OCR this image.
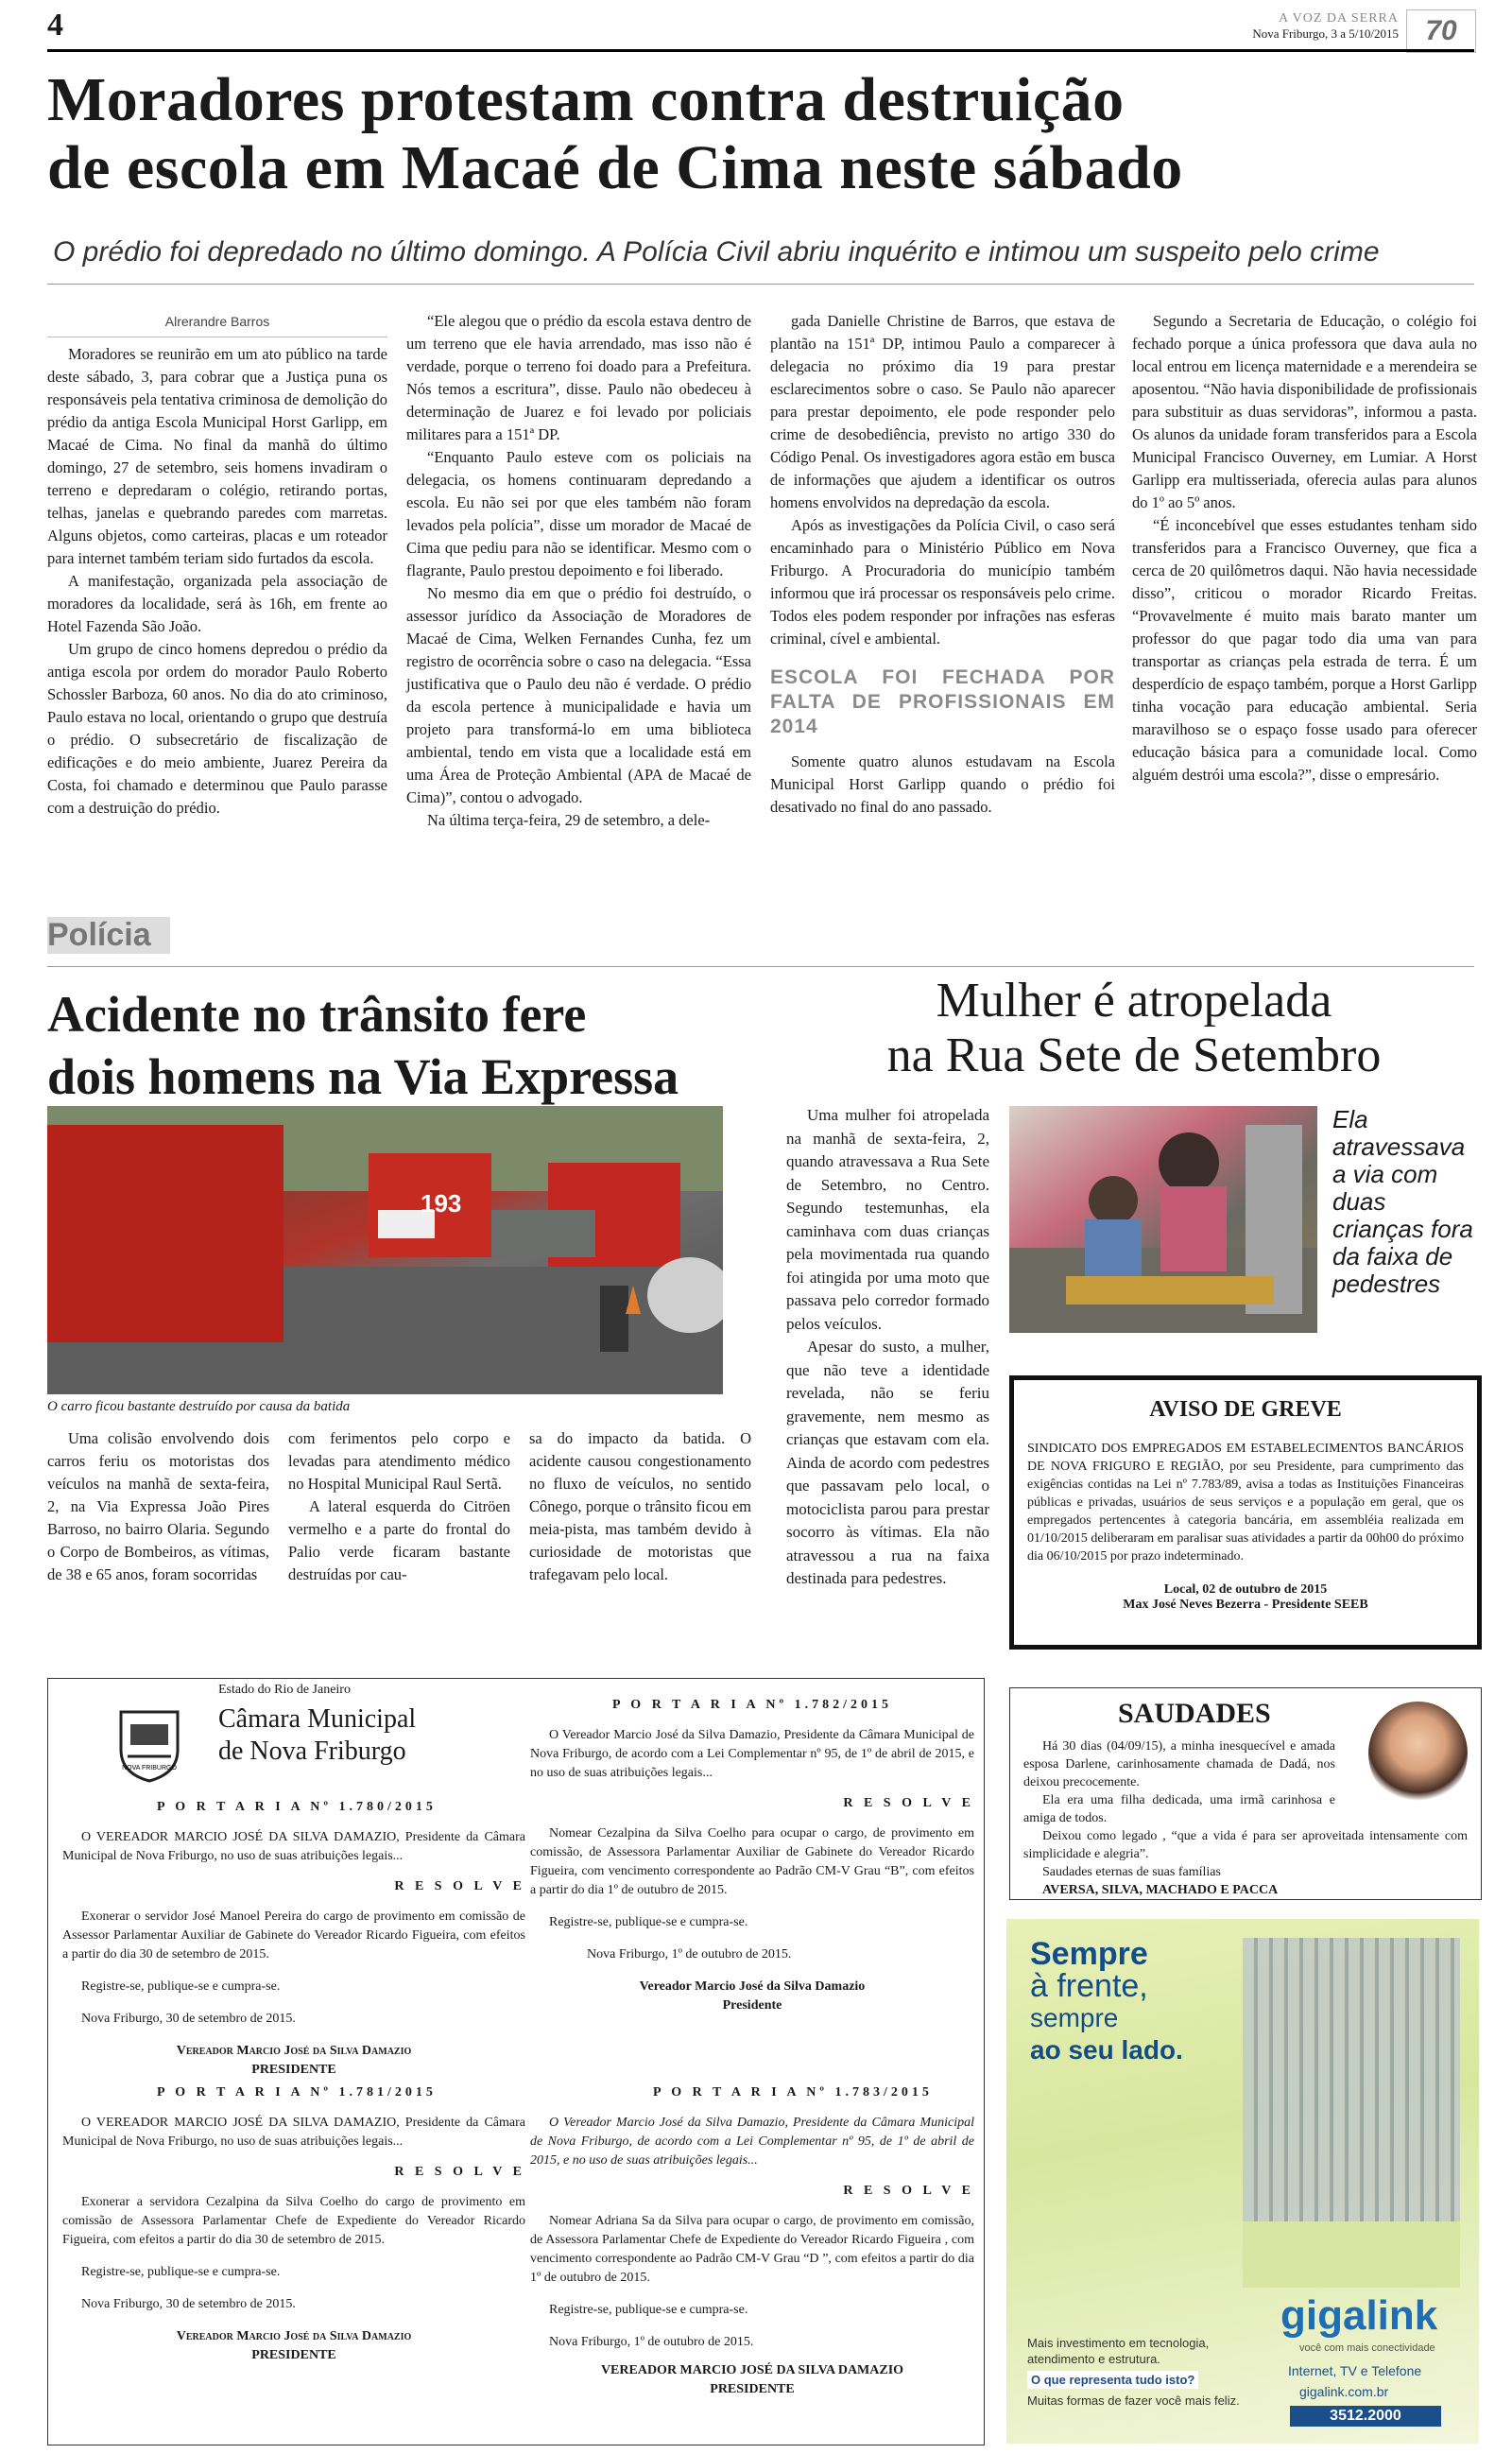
4	A VOZ DA SERRA
Nova Friburgo, 3 a 5/10/2015 70
Moradores protestam contra destruição
de escola em Macaé de Cima neste sábado
O prédio foi depredado no último domingo. A Polícia Civil abriu inquérito e intimou um suspeito pelo crime
Alrerandre Barros

Moradores se reunirão em um ato público na tarde deste sábado, 3, para cobrar que a Justiça puna os responsáveis pela tentativa criminosa de demolição do prédio da antiga Escola Municipal Horst Garlipp, em Macaé de Cima. No final da manhã do último domingo, 27 de setembro, seis homens invadiram o terreno e depredaram o colégio, retirando portas, telhas, janelas e quebrando paredes com marretas. Alguns objetos, como carteiras, placas e um roteador para internet também teriam sido furtados da escola.

A manifestação, organizada pela associação de moradores da localidade, será às 16h, em frente ao Hotel Fazenda São João.

Um grupo de cinco homens depredou o prédio da antiga escola por ordem do morador Paulo Roberto Schossler Barboza, 60 anos. No dia do ato criminoso, Paulo estava no local, orientando o grupo que destruía o prédio. O subsecretário de fiscalização de edificações e do meio ambiente, Juarez Pereira da Costa, foi chamado e determinou que Paulo parasse com a destruição do prédio.

“Ele alegou que o prédio da escola estava dentro de um terreno que ele havia arrendado, mas isso não é verdade, porque o terreno foi doado para a Prefeitura. Nós temos a escritura”, disse. Paulo não obedeceu à determinação de Juarez e foi levado por policiais militares para a 151ª DP.

“Enquanto Paulo esteve com os policiais na delegacia, os homens continuaram depredando a escola. Eu não sei por que eles também não foram levados pela polícia”, disse um morador de Macaé de Cima que pediu para não se identificar. Mesmo com o flagrante, Paulo prestou depoimento e foi liberado.

No mesmo dia em que o prédio foi destruído, o assessor jurídico da Associação de Moradores de Macaé de Cima, Welken Fernandes Cunha, fez um registro de ocorrência sobre o caso na delegacia. “Essa justificativa que o Paulo deu não é verdade. O prédio da escola pertence à municipalidade e havia um projeto para transformá-lo em uma biblioteca ambiental, tendo em vista que a localidade está em uma Área de Proteção Ambiental (APA de Macaé de Cima)”, contou o advogado.

Na última terça-feira, 29 de setembro, a dele-

gada Danielle Christine de Barros, que estava de plantão na 151ª DP, intimou Paulo a comparecer à delegacia no próximo dia 19 para prestar esclarecimentos sobre o caso. Se Paulo não aparecer para prestar depoimento, ele pode responder pelo crime de desobediência, previsto no artigo 330 do Código Penal. Os investigadores agora estão em busca de informações que ajudem a identificar os outros homens envolvidos na depredação da escola.

Após as investigações da Polícia Civil, o caso será encaminhado para o Ministério Público em Nova Friburgo. A Procuradoria do município também informou que irá processar os responsáveis pelo crime. Todos eles podem responder por infrações nas esferas criminal, cível e ambiental.

ESCOLA FOI FECHADA POR FALTA DE PROFISSIONAIS EM 2014

Somente quatro alunos estudavam na Escola Municipal Horst Garlipp quando o prédio foi desativado no final do ano passado.

Segundo a Secretaria de Educação, o colégio foi fechado porque a única professora que dava aula no local entrou em licença maternidade e a merendeira se aposentou. “Não havia disponibilidade de profissionais para substituir as duas servidoras”, informou a pasta. Os alunos da unidade foram transferidos para a Escola Municipal Francisco Ouverney, em Lumiar. A Horst Garlipp era multisseriada, oferecia aulas para alunos do 1º ao 5º anos.

“É inconcebível que esses estudantes tenham sido transferidos para a Francisco Ouverney, que fica a cerca de 20 quilômetros daqui. Não havia necessidade disso”, criticou o morador Ricardo Freitas. “Provavelmente é muito mais barato manter um professor do que pagar todo dia uma van para transportar as crianças pela estrada de terra. É um desperdício de espaço também, porque a Horst Garlipp tinha vocação para educação ambiental. Seria maravilhoso se o espaço fosse usado para oferecer educação básica para a comunidade local. Como alguém destrói uma escola?”, disse o empresário.

Polícia
Acidente no trânsito fere
dois homens na Via Expressa
193
O carro ficou bastante destruído por causa da batida

Uma colisão envolvendo dois carros feriu os motoristas dos veículos na manhã de sexta-feira, 2, na Via Expressa João Pires Barroso, no bairro Olaria. Segundo o Corpo de Bombeiros, as vítimas, de 38 e 65 anos, foram socorridas

com ferimentos pelo corpo e levadas para atendimento médico no Hospital Municipal Raul Sertã.

A lateral esquerda do Citröen vermelho e a parte do frontal do Palio verde ficaram bastante destruídas por cau-

sa do impacto da batida. O acidente causou congestionamento no fluxo de veículos, no sentido Cônego, porque o trânsito ficou em meia-pista, mas também devido à curiosidade de motoristas que trafegavam pelo local.

Mulher é atropelada
na Rua Sete de Setembro

Uma mulher foi atropelada na manhã de sexta-feira, 2, quando atravessava a Rua Sete de Setembro, no Centro. Segundo testemunhas, ela caminhava com duas crianças pela movimentada rua quando foi atingida por uma moto que passava pelo corredor formado pelos veículos.

Apesar do susto, a mulher, que não teve a identidade revelada, não se feriu gravemente, nem mesmo as crianças que estavam com ela. Ainda de acordo com pedestres que passavam pelo local, o motociclista parou para prestar socorro às vítimas. Ela não atravessou a rua na faixa destinada para pedestres.

Ela atravessava a via com duas crianças fora da faixa de pedestres
AVISO DE GREVE
SINDICATO DOS EMPREGADOS EM ESTABELECIMENTOS BANCÁRIOS DE NOVA FRIGURO E REGIÃO, por seu Presidente, para cumprimento das exigências contidas na Lei nº 7.783/89, avisa a todas as Instituições Financeiras públicas e privadas, usuários de seus serviços e a população em geral, que os empregados pertencentes à categoria bancária, em assembléia realizada em 01/10/2015 deliberaram em paralisar suas atividades a partir da 00h00 do próximo dia 06/10/2015 por prazo indeterminado.
Local, 02 de outubro de 2015
Max José Neves Bezerra - Presidente SEEB
NOVA FRIBURGO
Estado do Rio de Janeiro
Câmara Municipal
de Nova Friburgo
P O R T A R I A Nº 1.780/2015
O VEREADOR MARCIO JOSÉ DA SILVA DAMAZIO, Presidente da Câmara Municipal de Nova Friburgo, no uso de suas atribuições legais...
R E S O L V E
Exonerar o servidor José Manoel Pereira do cargo de provimento em comissão de Assessor Parlamentar Auxiliar de Gabinete do Vereador Ricardo Figueira, com efeitos a partir do dia 30 de setembro de 2015.
Registre-se, publique-se e cumpra-se.
Nova Friburgo, 30 de setembro de 2015.
Vereador Marcio José da Silva Damazio
PRESIDENTE
P O R T A R I A Nº 1.781/2015
O VEREADOR MARCIO JOSÉ DA SILVA DAMAZIO, Presidente da Câmara Municipal de Nova Friburgo, no uso de suas atribuições legais...
R E S O L V E
Exonerar a servidora Cezalpina da Silva Coelho do cargo de provimento em comissão de Assessora Parlamentar Chefe de Expediente do Vereador Ricardo Figueira, com efeitos a partir do dia 30 de setembro de 2015.
Registre-se, publique-se e cumpra-se.
Nova Friburgo, 30 de setembro de 2015.
Vereador Marcio José da Silva Damazio
PRESIDENTE
P O R T A R I A Nº 1.782/2015
O Vereador Marcio José da Silva Damazio, Presidente da Câmara Municipal de Nova Friburgo, de acordo com a Lei Complementar nº 95, de 1º de abril de 2015, e no uso de suas atribuições legais...
R E S O L V E
Nomear Cezalpina da Silva Coelho para ocupar o cargo, de provimento em comissão, de Assessora Parlamentar Auxiliar de Gabinete do Vereador Ricardo Figueira, com vencimento correspondente ao Padrão CM-V Grau “B”, com efeitos a partir do dia 1º de outubro de 2015.
Registre-se, publique-se e cumpra-se.
Nova Friburgo, 1º de outubro de 2015.
Vereador Marcio José da Silva Damazio
Presidente
P O R T A R I A Nº 1.783/2015
O Vereador Marcio José da Silva Damazio, Presidente da Câmara Municipal de Nova Friburgo, de acordo com a Lei Complementar nº 95, de 1º de abril de 2015, e no uso de suas atribuições legais...
R E S O L V E
Nomear Adriana Sa da Silva para ocupar o cargo, de provimento em comissão, de Assessora Parlamentar Chefe de Expediente do Vereador Ricardo Figueira , com vencimento correspondente ao Padrão CM-V Grau “D ”, com efeitos a partir do dia 1º de outubro de 2015.
Registre-se, publique-se e cumpra-se.
Nova Friburgo, 1º de outubro de 2015.
VEREADOR MARCIO JOSÉ DA SILVA DAMAZIO
PRESIDENTE
SAUDADES
Há 30 dias (04/09/15), a minha inesquecível e amada esposa Darlene, carinhosamente chamada de Dadá, nos deixou precocemente.
Ela era uma filha dedicada, uma irmã carinhosa e amiga de todos.
Deixou como legado , “que a vida é para ser aproveitada intensamente com simplicidade e alegria”.
Saudades eternas de suas famílias
AVERSA, SILVA, MACHADO E PACCA
Sempre
à frente,
sempre
ao seu lado.
gigalink
você com mais conectividade
Internet, TV e Telefone
gigalink.com.br
3512.2000
Mais investimento em tecnologia, atendimento e estrutura.
O que representa tudo isto?
Muitas formas de fazer você mais feliz.
